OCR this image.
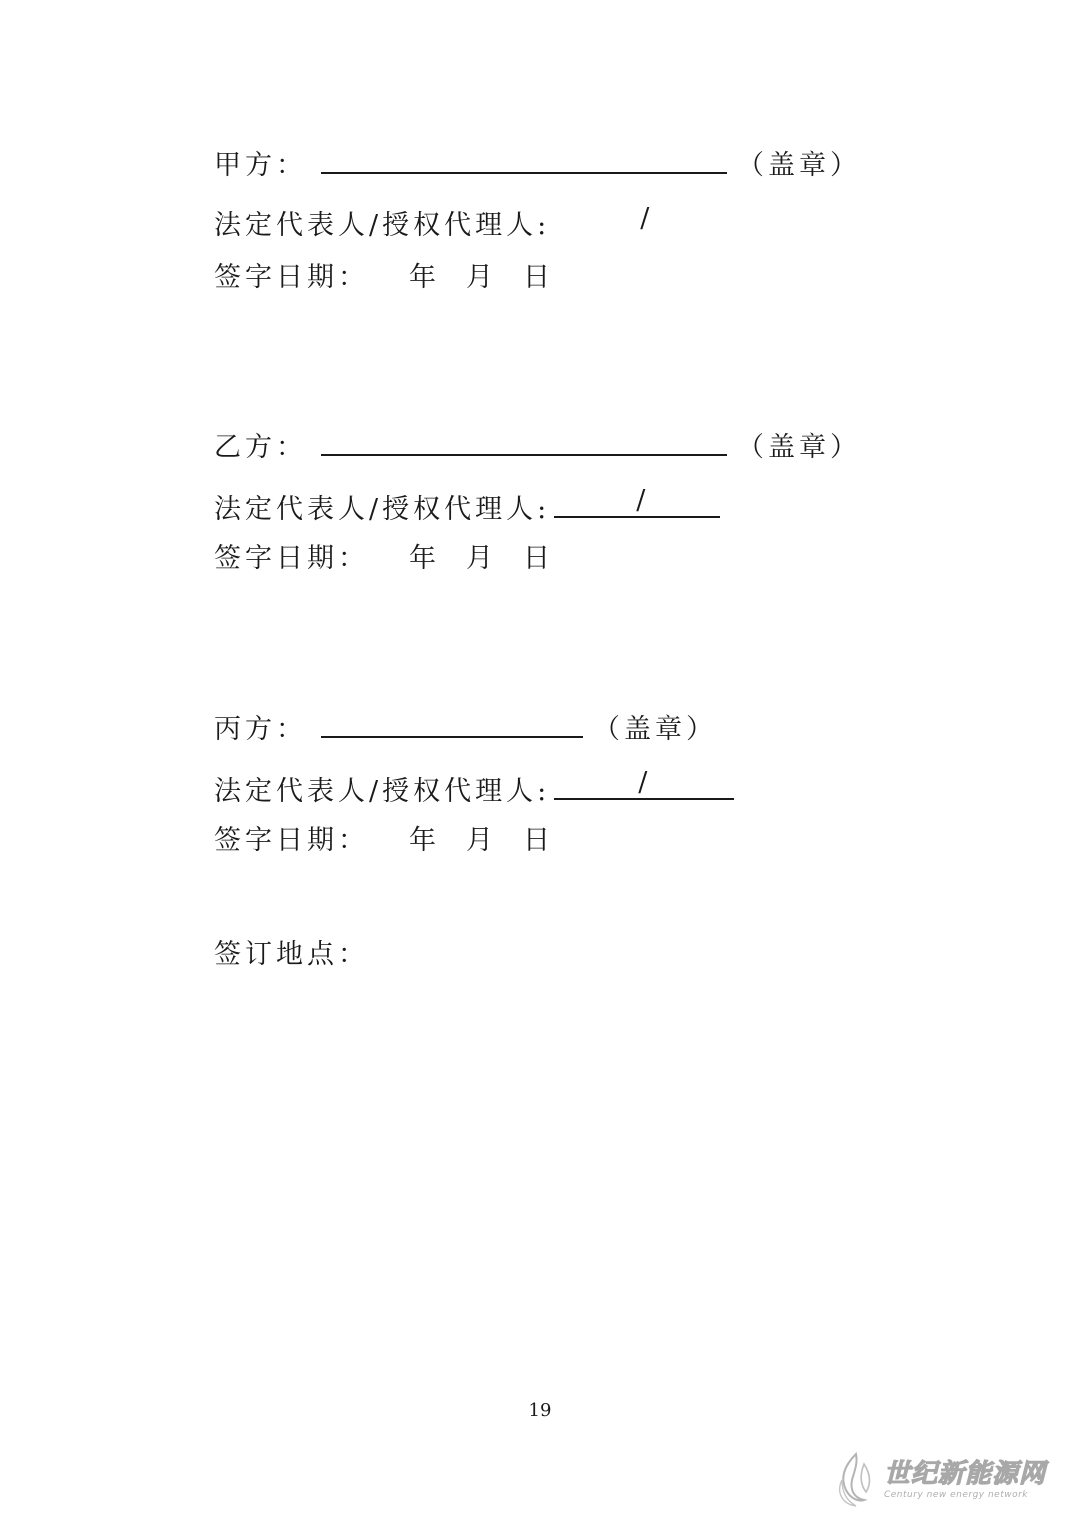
甲方：	（盖章）
法定代表人/授权代理人:	/
签字日期： 年 月 日
乙方：	（盖章）
法定代表人/授权代理人:	/
签字日期： 年 月 日
丙方：	（盖章）
法定代表人/授权代理人:	/
签字日期： 年 月 日
签订地点：
19
世纪新能源网
Century new energy network
